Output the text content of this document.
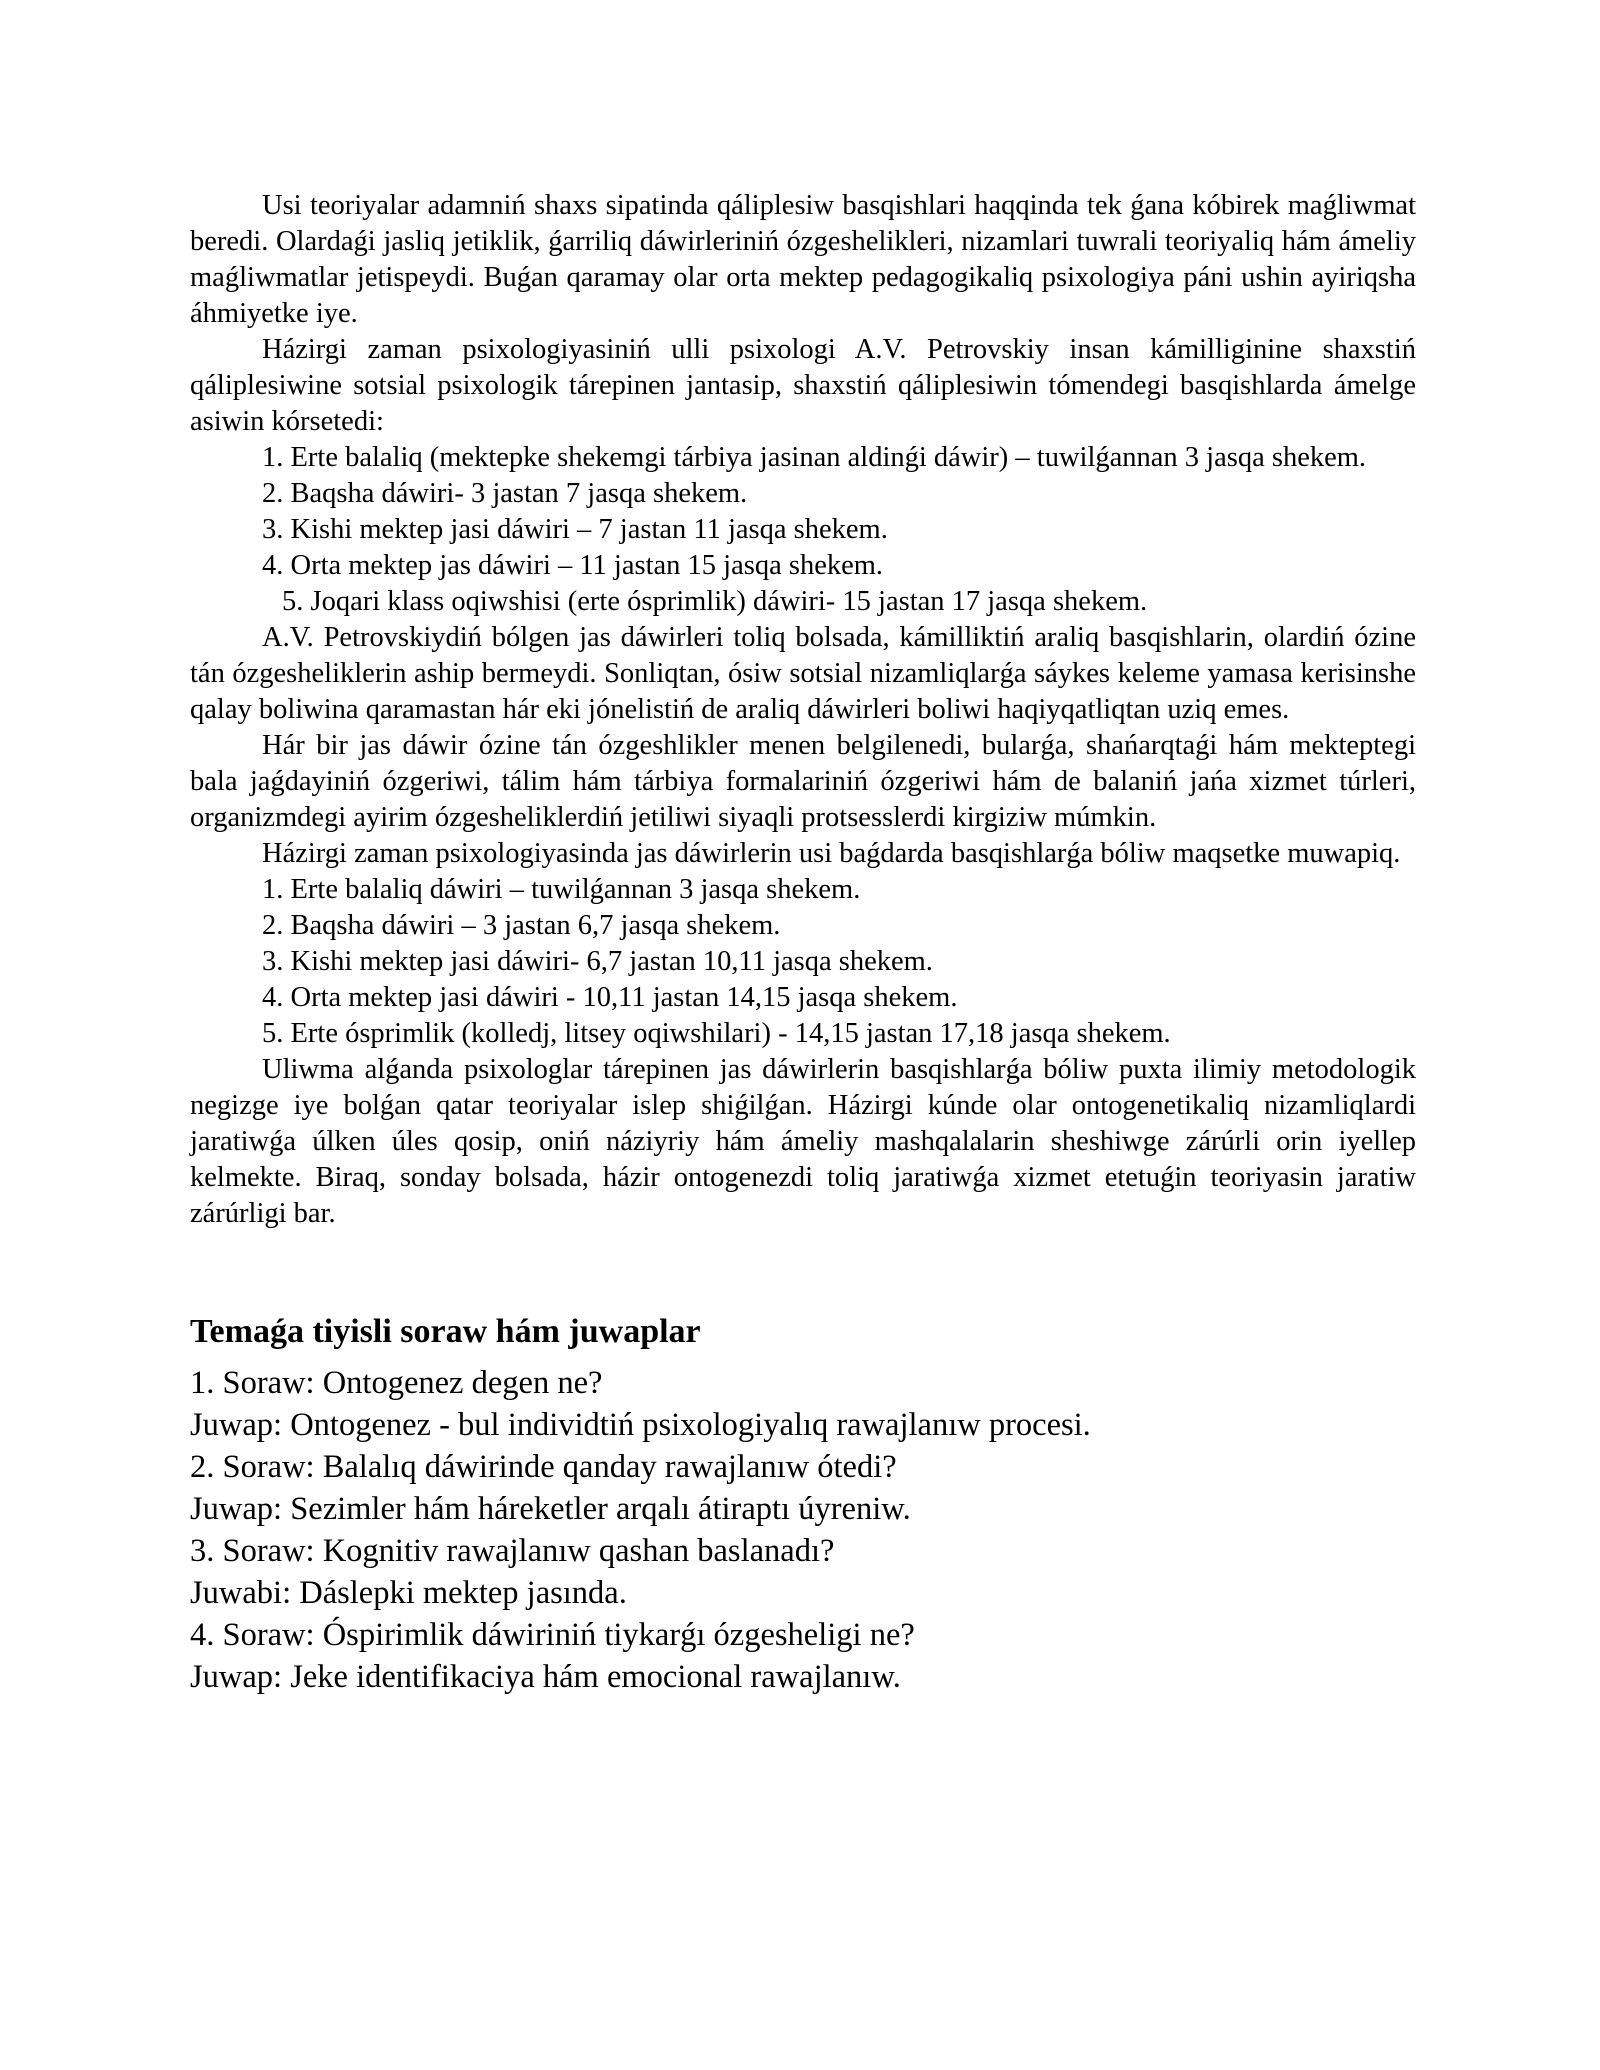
Usi teoriyalar adamniń shaxs sipatinda qáliplesiw basqishlari haqqinda tek ǵana kóbirek maǵliwmat beredi. Olardaǵi jasliq jetiklik, ǵarriliq dáwirleriniń ózgeshelikleri, nizamlari tuwrali teoriyaliq hám ámeliy maǵliwmatlar jetispeydi. Buǵan qaramay olar orta mektep pedagogikaliq psixologiya páni ushin ayiriqsha áhmiyetke iye.

Házirgi zaman psixologiyasiniń ulli psixologi A.V. Petrovskiy insan kámilliginine shaxstiń qáliplesiwine sotsial psixologik tárepinen jantasip, shaxstiń qáliplesiwin tómendegi basqishlarda ámelge asiwin kórsetedi:

1. Erte balaliq (mektepke shekemgi tárbiya jasinan aldinǵi dáwir) – tuwilǵannan 3 jasqa shekem.

2. Baqsha dáwiri- 3 jastan 7 jasqa shekem.

3. Kishi mektep jasi dáwiri – 7 jastan 11 jasqa shekem.

4. Orta mektep jas dáwiri – 11 jastan 15 jasqa shekem.

5. Joqari klass oqiwshisi (erte ósprimlik) dáwiri- 15 jastan 17 jasqa shekem.

A.V. Petrovskiydiń bólgen jas dáwirleri toliq bolsada, kámilliktiń araliq basqishlarin, olardiń ózine tán ózgesheliklerin ashіp bermeydi. Sonliqtan, ósiw sotsial nizamliqlarǵa sáykes keleme yamasa kerisinshe qalay boliwina qaramastan hár eki jónelistiń de araliq dáwirleri boliwi haqiyqatliqtan uziq emes.

Hár bir jas dáwir ózine tán ózgeshlikler menen belgilenedi, bularǵa, shańarqtaǵi hám mekteptegi bala jaǵdayiniń ózgeriwi, tálim hám tárbiya formalariniń ózgeriwi hám de balaniń jańa xizmet túrleri, organizmdegi ayirim ózgesheliklerdiń jetiliwi siyaqli protsesslerdi kirgiziw múmkin.

Házirgi zaman psixologiyasinda jas dáwirlerin usi baǵdarda basqishlarǵa bóliw maqsetke muwapiq.

1. Erte balaliq dáwiri – tuwilǵannan 3 jasqa shekem.

2. Baqsha dáwiri – 3 jastan 6,7 jasqa shekem.

3. Kishi mektep jasi dáwiri- 6,7 jastan 10,11 jasqa shekem.

4. Orta mektep jasi dáwiri - 10,11 jastan 14,15 jasqa shekem.

5. Erte ósprimlik (kolledj, litsey oqiwshilari) - 14,15 jastan 17,18 jasqa shekem.

Uliwma alǵanda psixologlar tárepinen jas dáwirlerin basqishlarǵa bóliw puxta ilimiy metodologik negizge iye bolǵan qatar teoriyalar islep shiǵilǵan. Házirgi kúnde olar ontogenetikaliq nizamliqlardi jaratiwǵa úlken úles qosip, oniń náziyriy hám ámeliy mashqalalarin sheshiwge zárúrli orin iyellep kelmekte. Biraq, sonday bolsada, házir ontogenezdi toliq jaratiwǵa xizmet etetuǵin teoriyasin jaratiw zárúrligi bar.

Temaǵa tiyisli soraw hám juwaplar

1. Soraw: Ontogenez degen ne?

Juwap: Ontogenez - bul individtiń psixologiyalıq rawajlanıw procesi.

2. Soraw: Balalıq dáwirinde qanday rawajlanıw ótedi?

Juwap: Sezimler hám háreketler arqalı átiraptı úyreniw.

3. Soraw: Kognitiv rawajlanıw qashan baslanadı?

Juwabi: Dáslepki mektep jasında.

4. Soraw: Óspirimlik dáwiriniń tiykarǵı ózgesheligi ne?

Juwap: Jeke identifikaciya hám emocional rawajlanıw.
